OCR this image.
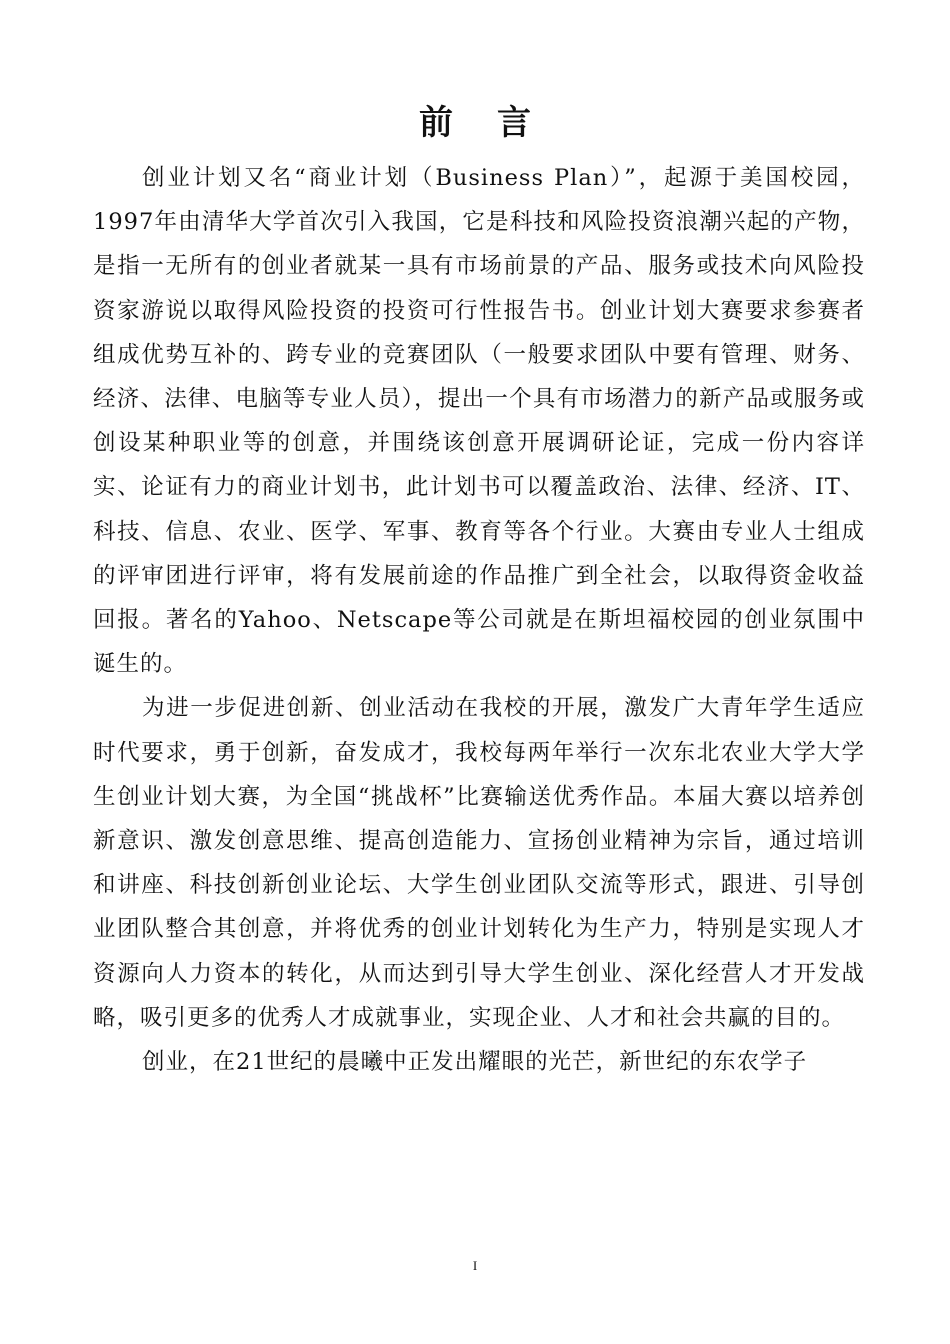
前言

创业计划又名“商业计划（Business Plan）”，起源于美国校园，1997年由清华大学首次引入我国，它是科技和风险投资浪潮兴起的产物，是指一无所有的创业者就某一具有市场前景的产品、服务或技术向风险投资家游说以取得风险投资的投资可行性报告书。创业计划大赛要求参赛者组成优势互补的、跨专业的竞赛团队（一般要求团队中要有管理、财务、经济、法律、电脑等专业人员），提出一个具有市场潜力的新产品或服务或创设某种职业等的创意，并围绕该创意开展调研论证，完成一份内容详实、论证有力的商业计划书，此计划书可以覆盖政治、法律、经济、IT、科技、信息、农业、医学、军事、教育等各个行业。大赛由专业人士组成的评审团进行评审，将有发展前途的作品推广到全社会，以取得资金收益回报。著名的Yahoo、Netscape等公司就是在斯坦福校园的创业氛围中诞生的。

为进一步促进创新、创业活动在我校的开展，激发广大青年学生适应时代要求，勇于创新，奋发成才，我校每两年举行一次东北农业大学大学生创业计划大赛，为全国“挑战杯”比赛输送优秀作品。本届大赛以培养创新意识、激发创意思维、提高创造能力、宣扬创业精神为宗旨，通过培训和讲座、科技创新创业论坛、大学生创业团队交流等形式，跟进、引导创业团队整合其创意，并将优秀的创业计划转化为生产力，特别是实现人才资源向人力资本的转化，从而达到引导大学生创业、深化经营人才开发战略，吸引更多的优秀人才成就事业，实现企业、人才和社会共赢的目的。

创业，在21世纪的晨曦中正发出耀眼的光芒，新世纪的东农学子

I
